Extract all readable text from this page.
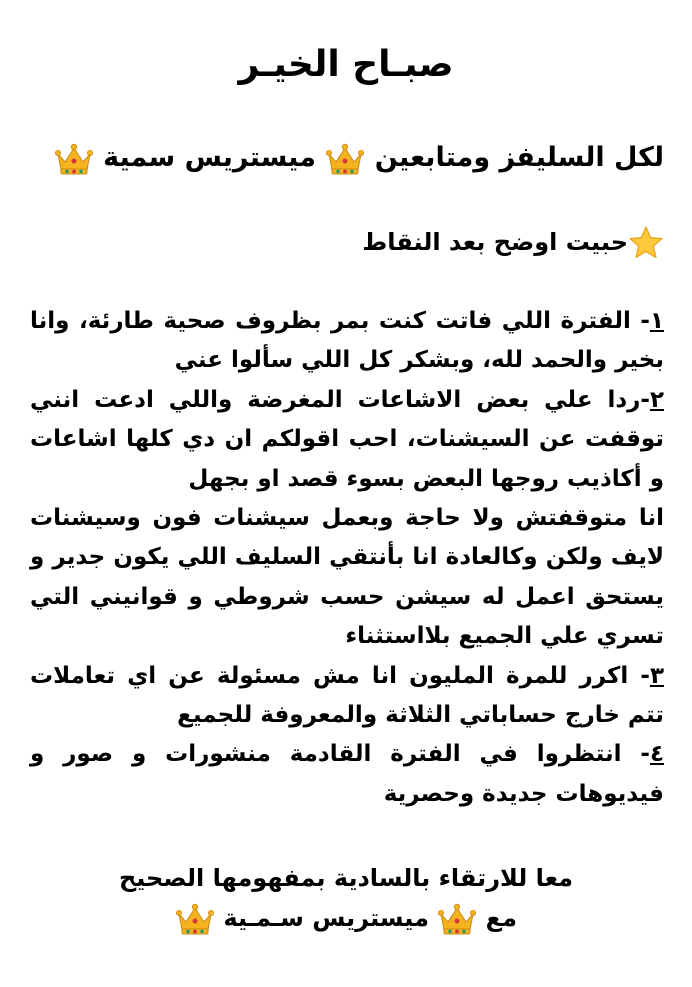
صبـاح الخيـر
لكل السليفز ومتابعين  ميستريس سمية
حبيت اوضح بعد النقاط

١- الفترة اللي فاتت كنت بمر بظروف صحية طارئة، وانا بخير والحمد لله، وبشكر كل اللي سألوا عني

٢-ردا علي بعض الاشاعات المغرضة واللي ادعت انني توقفت عن السيشنات، احب اقولكم ان دي كلها اشاعات و أكاذيب روجها البعض بسوء قصد او بجهل

انا متوقفتش ولا حاجة وبعمل سيشنات فون وسيشنات لايف ولكن وكالعادة انا بأنتقي السليف اللي يكون جدير و يستحق اعمل له سيشن حسب شروطي و قوانيني التي تسري علي الجميع بلااستثناء

٣- اكرر للمرة المليون انا مش مسئولة عن اي تعاملات تتم خارج حساباتي الثلاثة والمعروفة للجميع

٤- انتظروا في الفترة القادمة منشورات و صور و فيديوهات جديدة وحصرية

معا للارتقاء بالسادية بمفهومها الصحيح
مع  ميستريس سـمـية
